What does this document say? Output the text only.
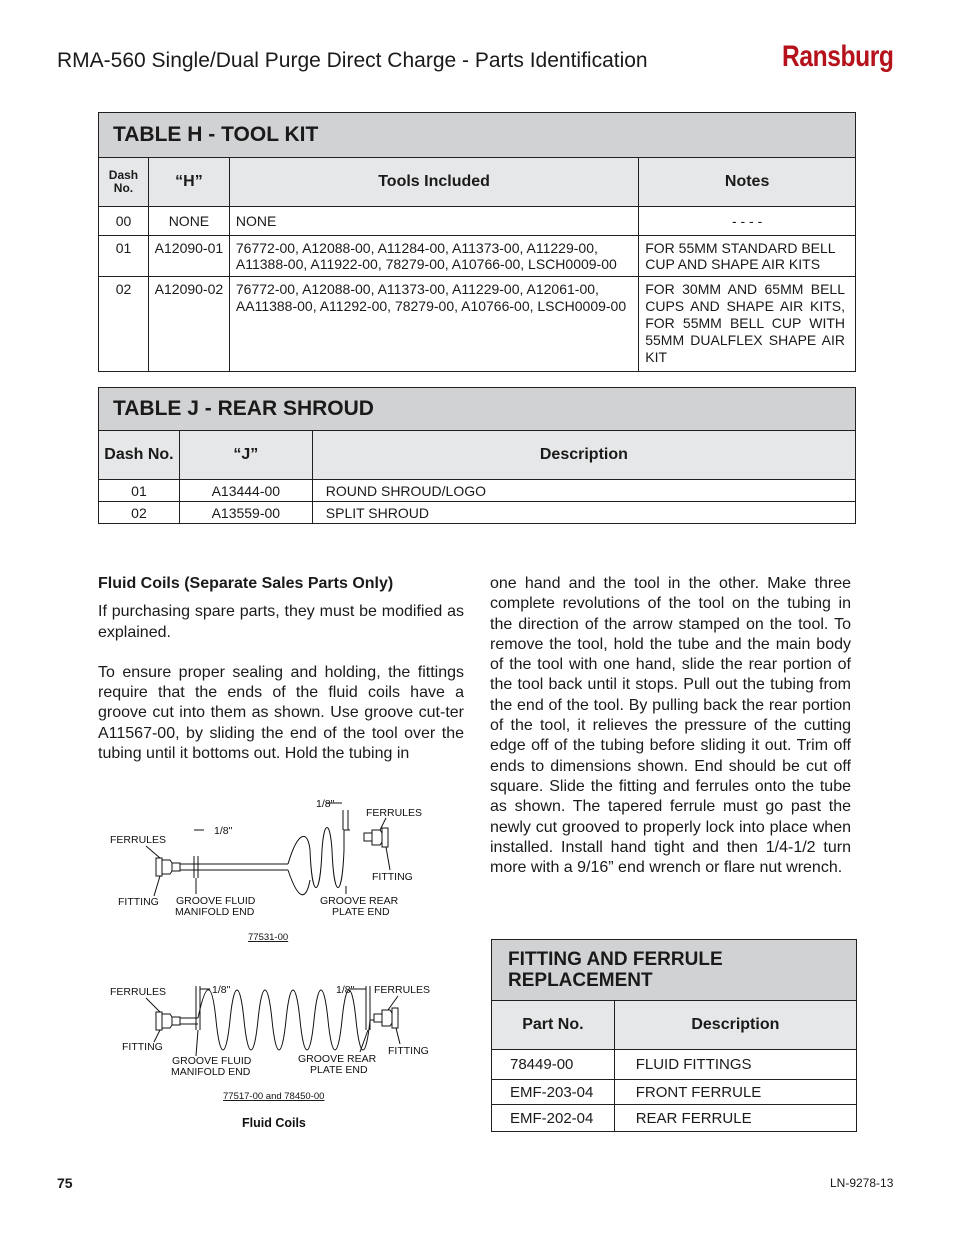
RMA-560 Single/Dual Purge Direct Charge - Parts Identification	Ransburg
TABLE H - TOOL KIT			
Dash
No.	“H”	Tools Included	Notes
00	NONE	NONE	- - - -
01	A12090-01	76772-00, A12088-00, A11284-00, A11373-00, A11229-00, A11388-00, A11922-00, 78279-00, A10766-00, LSCH0009-00	FOR 55MM STANDARD BELL CUP AND SHAPE AIR KITS
02	A12090-02	76772-00, A12088-00, A11373-00, A11229-00, A12061-00, AA11388-00, A11292-00, 78279-00, A10766-00, LSCH0009-00	FOR 30MM AND 65MM BELL CUPS AND SHAPE AIR KITS, FOR 55MM BELL CUP WITH 55MM DUALFLEX SHAPE AIR KIT
TABLE J - REAR SHROUD		
Dash No.	“J”	Description
01	A13444-00	ROUND SHROUD/LOGO
02	A13559-00	SPLIT SHROUD
Fluid Coils (Separate Sales Parts Only)
If purchasing spare parts, they must be modified as explained.
To ensure proper sealing and holding, the fittings require that the ends of the fluid coils have a groove cut into them as shown. Use groove cut-ter A11567-00, by sliding the end of the tool over the tubing until it bottoms out. Hold the tubing in
one hand and the tool in the other. Make three complete revolutions of the tool on the tubing in the direction of the arrow stamped on the tool. To remove the tool, hold the tube and the main body of the tool with one hand, slide the rear portion of the tool back until it stops. Pull out the tubing from the end of the tool. By pulling back the rear portion of the tool, it relieves the pressure of the cutting edge off of the tubing before sliding it out. Trim off ends to dimensions shown. End should be cut off square. Slide the fitting and ferrules onto the tube as shown. The tapered ferrule must go past the newly cut grooved to properly lock into place when installed. Install hand tight and then 1/4-1/2 turn more with a 9/16” end wrench or flare nut wrench.
1/8"
1/8"
FERRULES
FERRULES
FITTING
FITTING
GROOVE FLUID
MANIFOLD END
GROOVE REAR
PLATE END
77531-00
1/8"	1/8"
FERRULES	FERRULES
FITTING	FITTING
GROOVE FLUID
MANIFOLD END
GROOVE REAR
PLATE END
77517-00 and 78450-00
Fluid Coils
FITTING AND FERRULE
REPLACEMENT	

Part No.	Description
78449-00	FLUID FITTINGS
EMF-203-04	FRONT FERRULE
EMF-202-04	REAR FERRULE
75	LN-9278-13
